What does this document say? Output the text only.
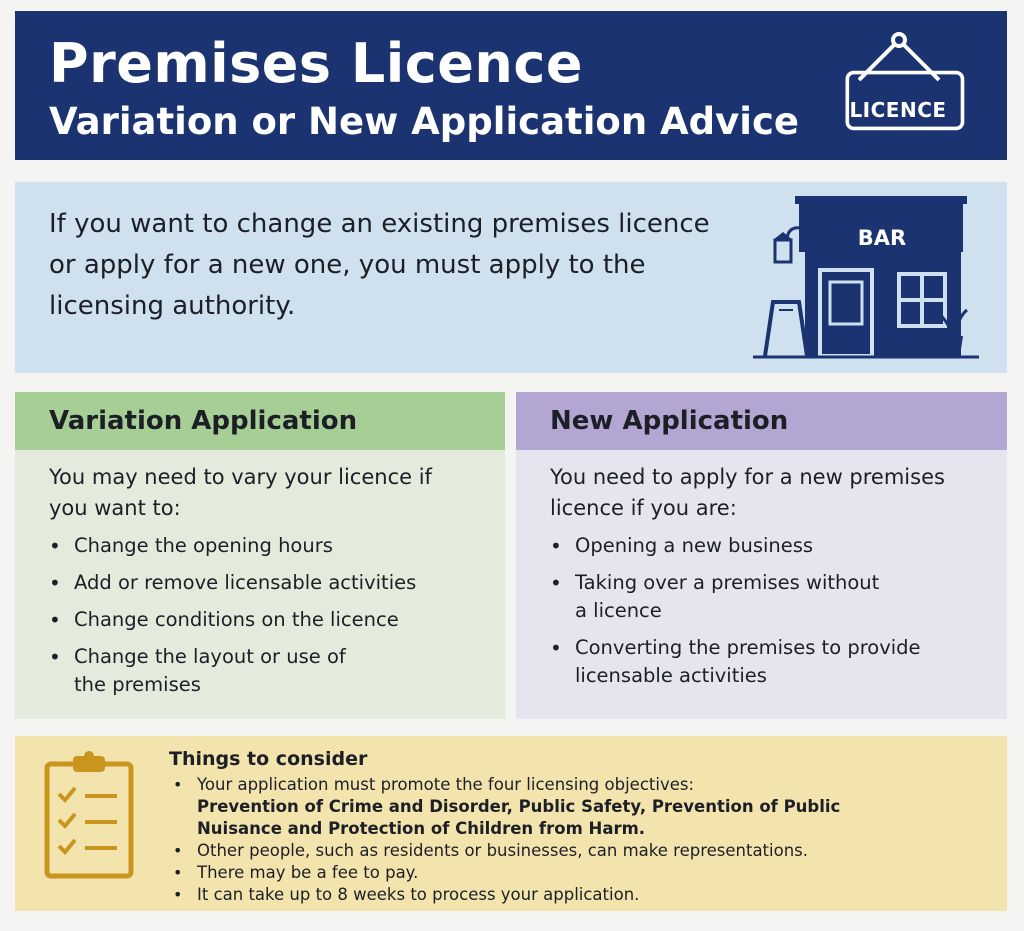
Premises Licence
Variation or New Application Advice	LICENCE
If you want to change an existing premises licence
or apply for a new one, you must apply to the
licensing authority.
BAR
Variation Application
You may need to vary your licence if
you want to:
• Change the opening hours
• Add or remove licensable activities
• Change conditions on the licence
• Change the layout or use of
the premises
New Application
You need to apply for a new premises
licence if you are:
• Opening a new business
• Taking over a premises without
a licence
• Converting the premises to provide
licensable activities
Things to consider
• Your application must promote the four licensing objectives:
Prevention of Crime and Disorder, Public Safety, Prevention of Public
Nuisance and Protection of Children from Harm.
• Other people, such as residents or businesses, can make representations.
• There may be a fee to pay.
• It can take up to 8 weeks to process your application.
